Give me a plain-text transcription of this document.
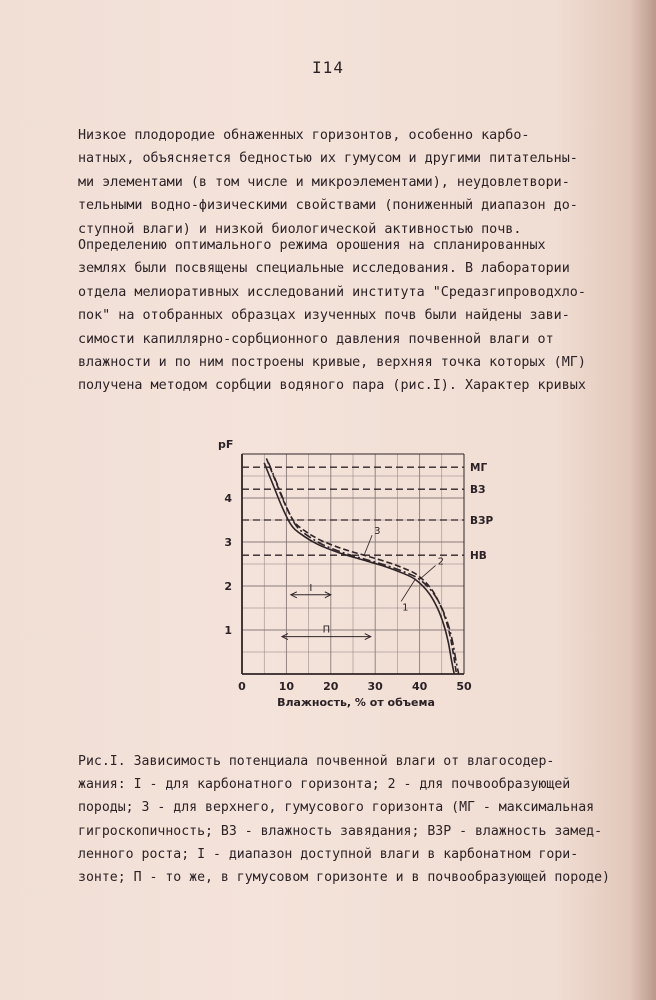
I14
Низкое плодородие обнаженных горизонтов, особенно карбо-
натных, объясняется бедностью их гумусом и другими питательны-
ми элементами (в том числе и микроэлементами), неудовлетвори-
тельными водно-физическими свойствами (пониженный диапазон до-
ступной влаги) и низкой биологической активностью почв.
Определению оптимального режима орошения на спланированных
землях были посвящены специальные исследования. В лаборатории
отдела мелиоративных исследований института "Средазгипроводхло-
пок" на отобранных образцах изученных почв были найдены зави-
симости капиллярно-сорбционного давления почвенной влаги от
влажности и по ним построены кривые, верхняя точка которых (МГ)
получена методом сорбции водяного пара (рис.I). Характер кривых
МГ
ВЗ
ВЗР
НВ
1
2
3
I
П
0	10	20	30	40	50
1
2
3
4
pF
Влажность, % от объема
Рис.I. Зависимость потенциала почвенной влаги от влагосодер-
жания: I - для карбонатного горизонта; 2 - для почвообразующей
породы; 3 - для верхнего, гумусового горизонта (МГ - максимальная
гигроскопичность; ВЗ - влажность завядания; ВЗР - влажность замед-
ленного роста; I - диапазон доступной влаги в карбонатном гори-
зонте; П - то же, в гумусовом горизонте и в почвообразующей породе)
